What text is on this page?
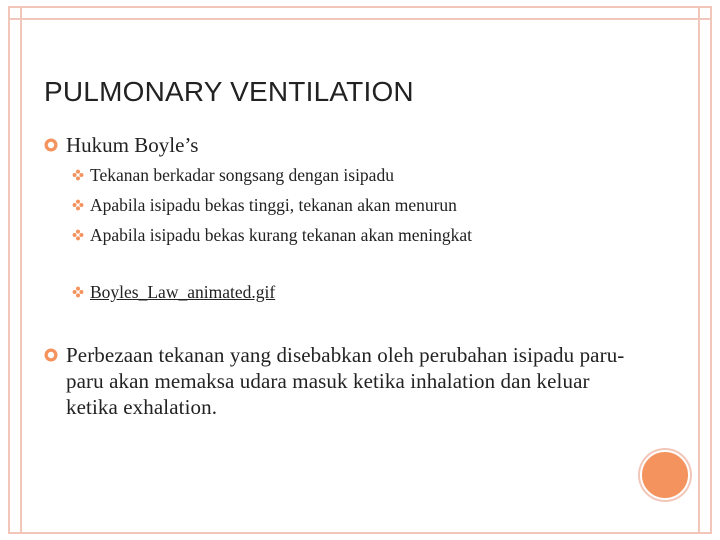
PULMONARY VENTILATION
Hukum Boyle’s
Tekanan berkadar songsang dengan isipadu
Apabila isipadu bekas tinggi, tekanan akan menurun
Apabila isipadu bekas kurang tekanan akan meningkat
Boyles_Law_animated.gif
Perbezaan tekanan yang disebabkan oleh perubahan isipadu paru-paru akan memaksa udara masuk ketika inhalation dan keluar ketika exhalation.
